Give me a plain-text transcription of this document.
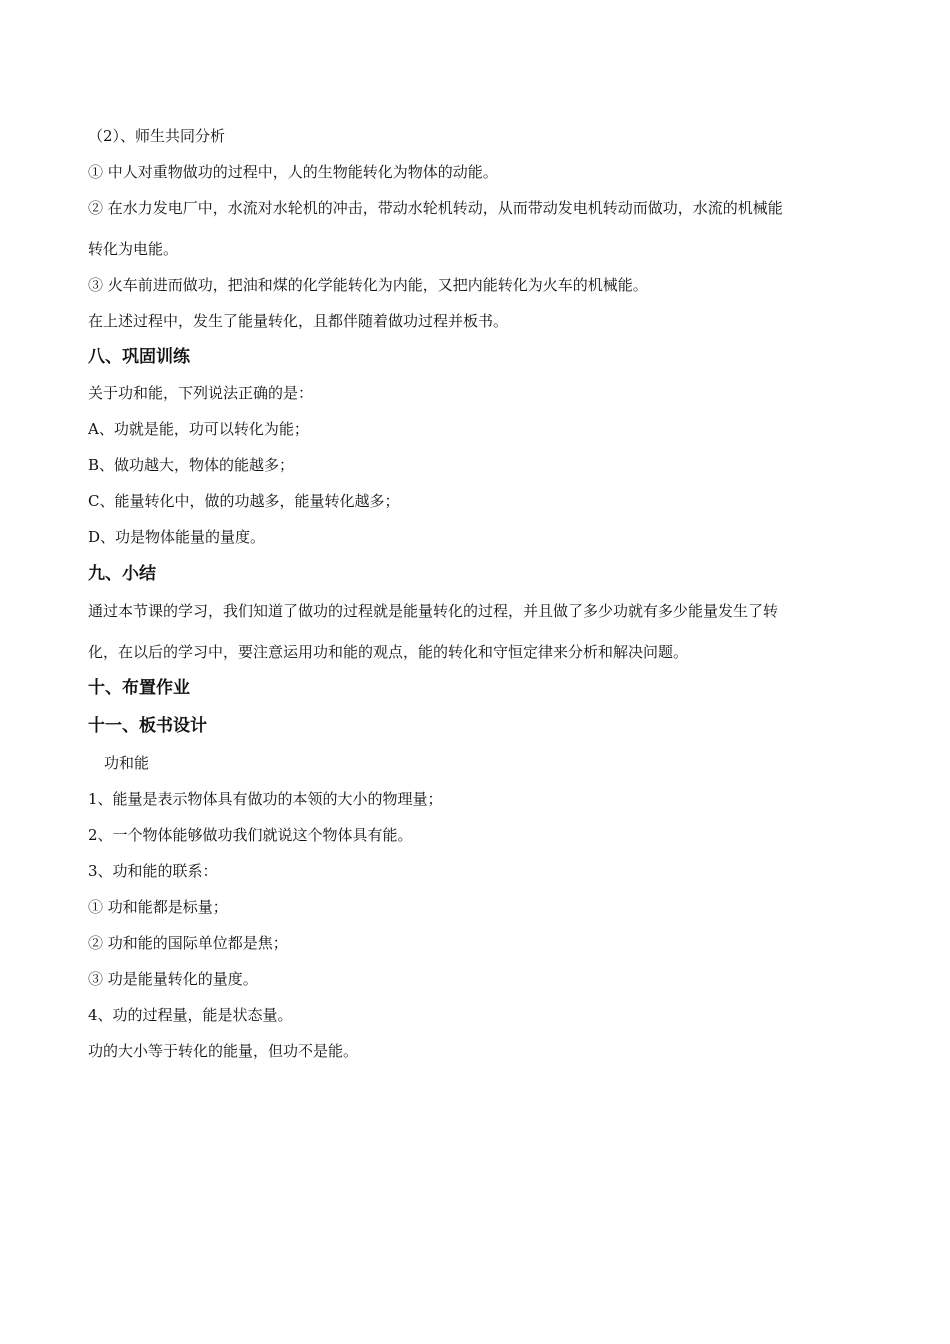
（2）、师生共同分析
① 中人对重物做功的过程中，人的生物能转化为物体的动能。
② 在水力发电厂中，水流对水轮机的冲击，带动水轮机转动，从而带动发电机转动而做功，水流的机械能
转化为电能。
③ 火车前进而做功，把油和煤的化学能转化为内能，又把内能转化为火车的机械能。
在上述过程中，发生了能量转化，且都伴随着做功过程并板书。
八、巩固训练
关于功和能，下列说法正确的是：
A、功就是能，功可以转化为能；
B、做功越大，物体的能越多；
C、能量转化中，做的功越多，能量转化越多；
D、功是物体能量的量度。
九、小结
通过本节课的学习，我们知道了做功的过程就是能量转化的过程，并且做了多少功就有多少能量发生了转
化，在以后的学习中，要注意运用功和能的观点，能的转化和守恒定律来分析和解决问题。
十、布置作业
十一、板书设计
功和能
1、能量是表示物体具有做功的本领的大小的物理量；
2、一个物体能够做功我们就说这个物体具有能。
3、功和能的联系：
① 功和能都是标量；
② 功和能的国际单位都是焦；
③ 功是能量转化的量度。
4、功的过程量，能是状态量。
功的大小等于转化的能量，但功不是能。
